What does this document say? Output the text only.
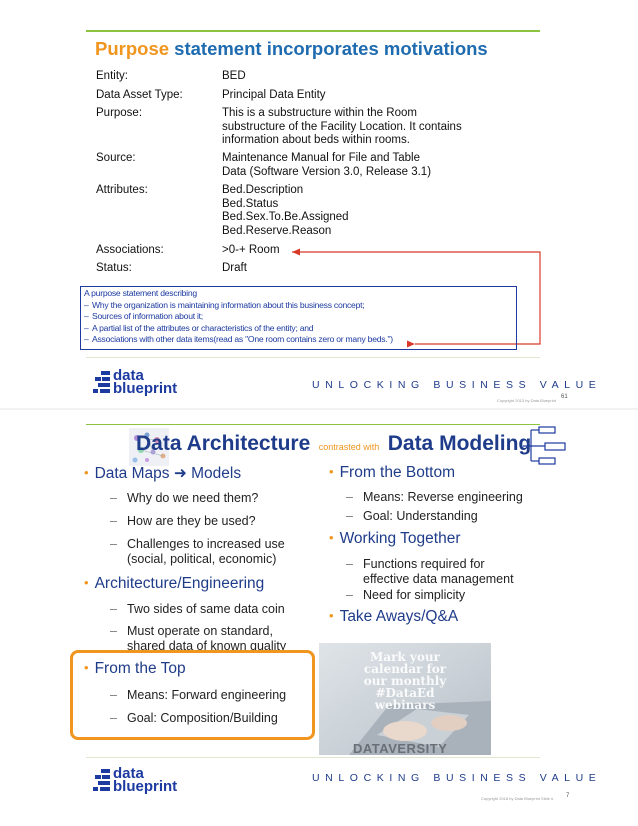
Purpose statement incorporates motivations
Entity:	BED
Data Asset Type:	Principal Data Entity
Purpose:	This is a substructure within the Room
substructure of the Facility Location. It contains
information about beds within rooms.
Source:	Maintenance Manual for File and Table
Data (Software Version 3.0, Release 3.1)
Attributes:	Bed.Description
Bed.Status
Bed.Sex.To.Be.Assigned
Bed.Reserve.Reason
Associations:	>0-+ Room
Status:	Draft
A purpose statement describing
– Why the organization is maintaining information about this business concept;
– Sources of information about it;
– A partial list of the attributes or characteristics of the entity; and
– Associations with other data items(read as "One room contains zero or many beds.")
data
blueprint	UNLOCKING BUSINESS VALUE
Copyright 2013 by Data Blueprint
61
Data Architecture contrasted with Data Modeling
• Data Maps ➜ Models
– Why do we need them?
– How are they be used?
– Challenges to increased use (social, political, economic)
• Architecture/Engineering
– Two sides of same data coin
– Must operate on standard, shared data of known quality
• From the Top
– Means: Forward engineering
– Goal: Composition/Building
• From the Bottom
– Means: Reverse engineering
– Goal: Understanding
• Working Together
– Functions required for effective data management
– Need for simplicity
• Take Aways/Q&A
Mark your
calendar for
our monthly
#DataEd
webinars
DATAVERSITY
data
blueprint	UNLOCKING BUSINESS VALUE
Copyright 2018 by Data Blueprint Slide # 7
